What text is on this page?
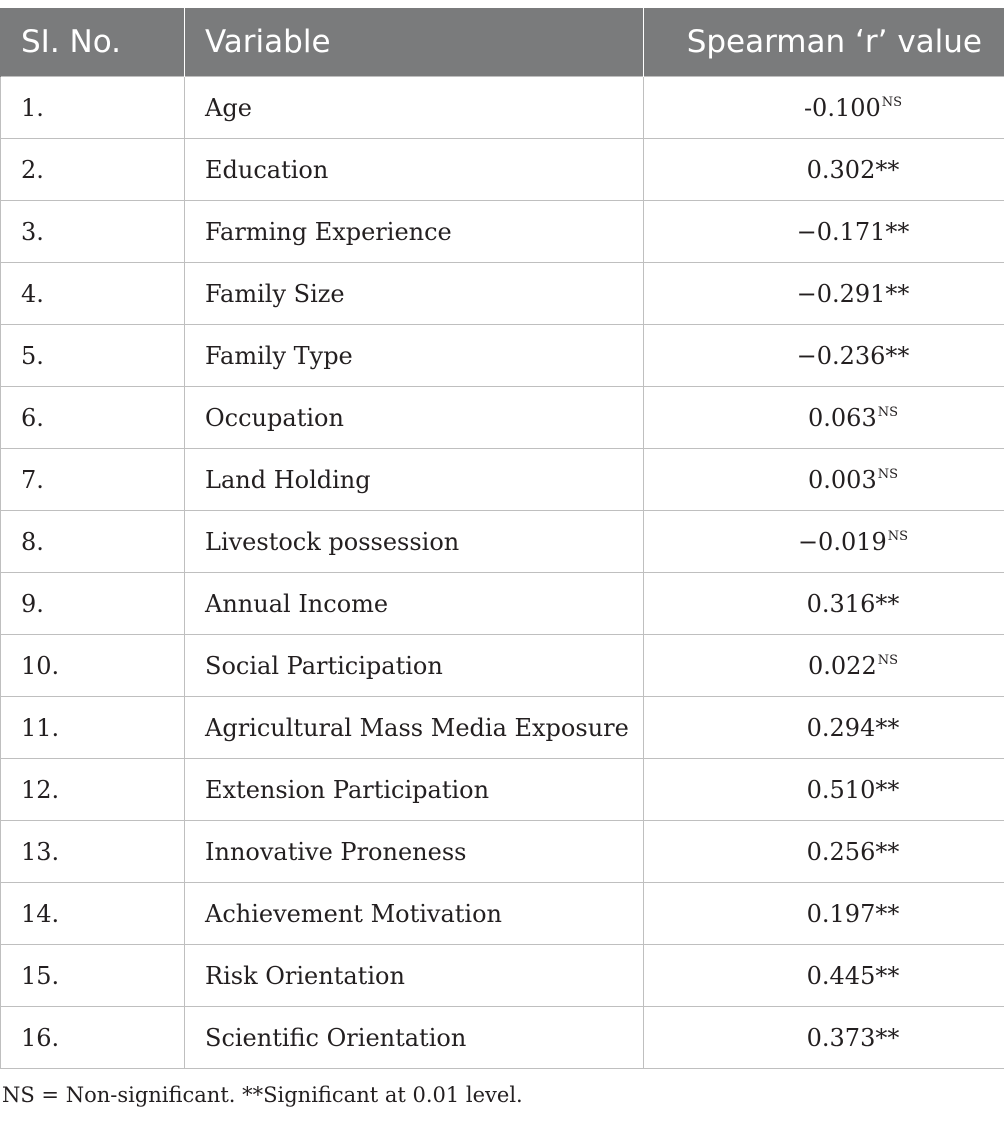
SI. No.	Variable	Spearman ‘r’ value
1.	Age	$-0.100^{NS}$
2.	Education	0.302**
3.	Farming Experience	−0.171**
4.	Family Size	−0.291**
5.	Family Type	−0.236**
6.	Occupation	$0.063^{NS}$
7.	Land Holding	$0.003^{NS}$
8.	Livestock possession	$-0.019^{NS}$
9.	Annual Income	0.316**
10.	Social Participation	$0.022^{NS}$
11.	Agricultural Mass Media Exposure	0.294**
12.	Extension Participation	0.510**
13.	Innovative Proneness	0.256**
14.	Achievement Motivation	0.197**
15.	Risk Orientation	0.445**
16.	Scientific Orientation	0.373**
NS = Non-significant. **Significant at 0.01 level.
